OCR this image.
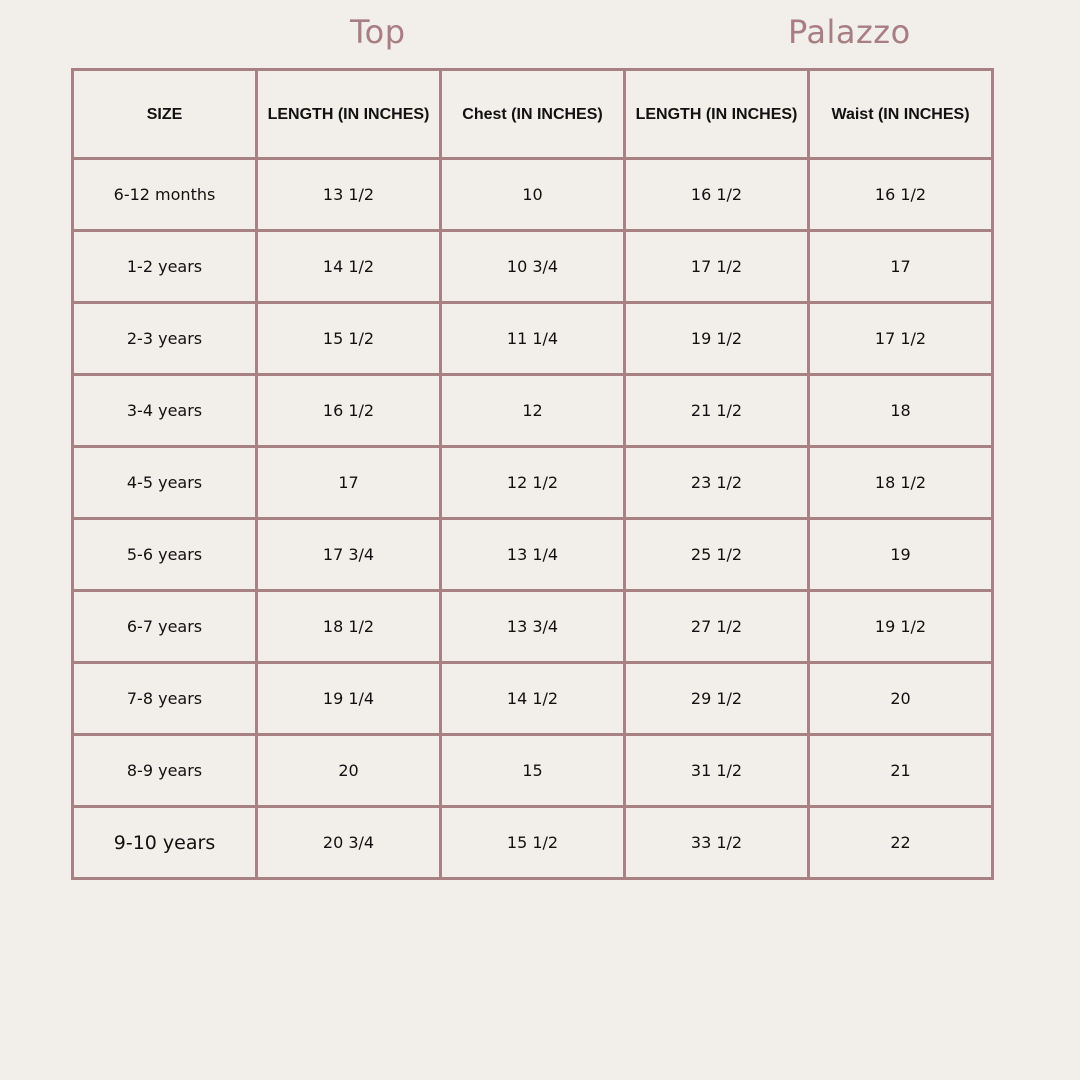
Top	Palazzo
SIZE	LENGTH (IN INCHES)	Chest (IN INCHES)	LENGTH (IN INCHES)	Waist (IN INCHES)
6-12 months	13 1/2	10	16 1/2	16 1/2
1-2 years	14 1/2	10 3/4	17 1/2	17
2-3 years	15 1/2	11 1/4	19 1/2	17 1/2
3-4 years	16 1/2	12	21 1/2	18
4-5 years	17	12 1/2	23 1/2	18 1/2
5-6 years	17 3/4	13 1/4	25 1/2	19
6-7 years	18 1/2	13 3/4	27 1/2	19 1/2
7-8 years	19 1/4	14 1/2	29 1/2	20
8-9 years	20	15	31 1/2	21
9-10 years	20 3/4	15 1/2	33 1/2	22
